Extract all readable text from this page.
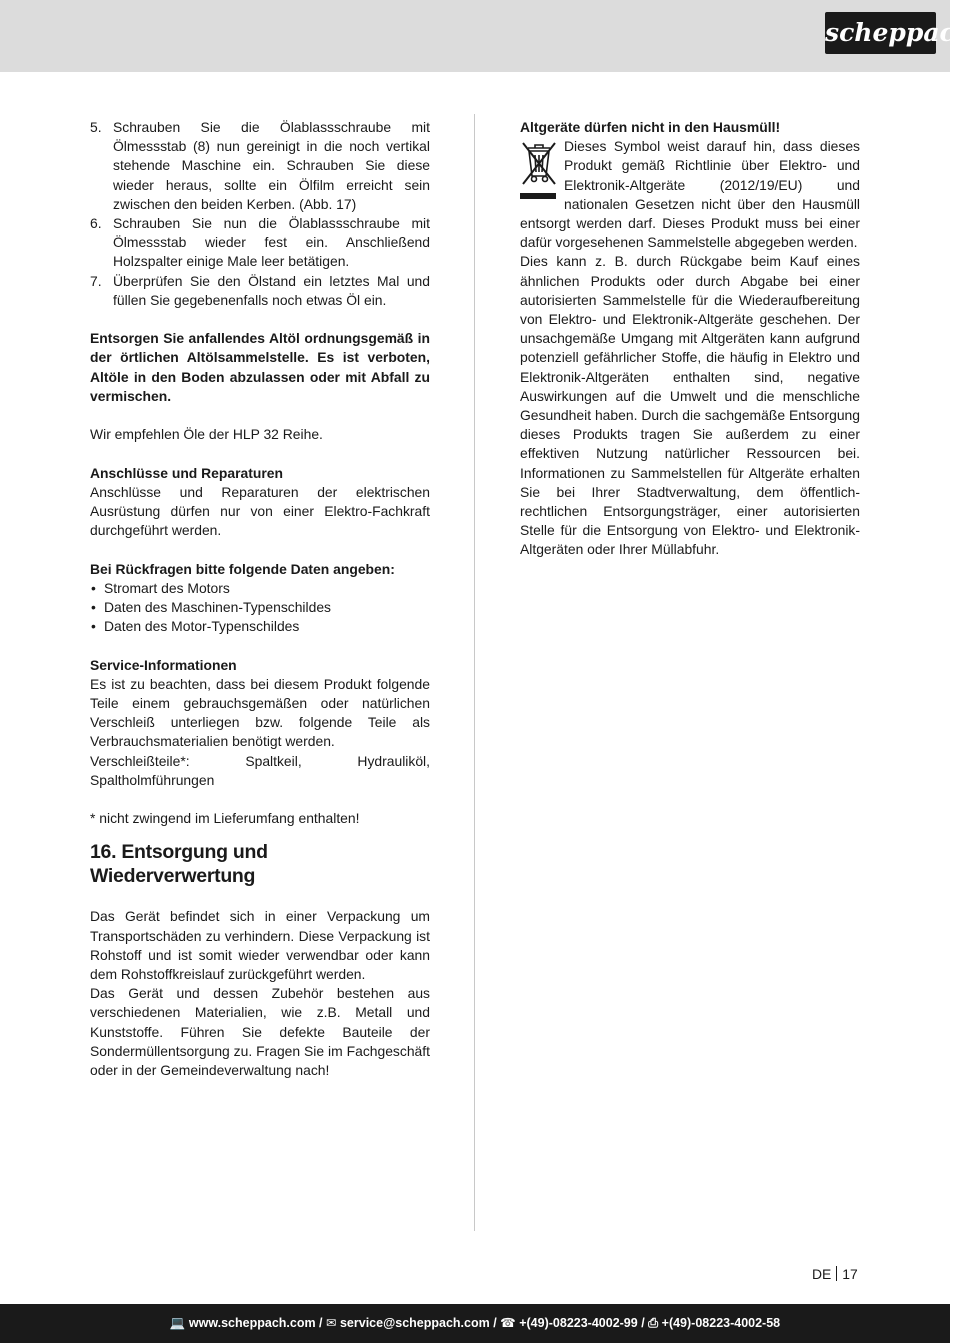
scheppach
5. Schrauben Sie die Ölablassschraube mit Ölmessstab (8) nun gereinigt in die noch vertikal stehende Maschine ein. Schrauben Sie diese wieder heraus, sollte ein Ölfilm erreicht sein zwischen den beiden Kerben. (Abb. 17)
6. Schrauben Sie nun die Ölablassschraube mit Ölmessstab wieder fest ein. Anschließend Holzspalter einige Male leer betätigen.
7. Überprüfen Sie den Ölstand ein letztes Mal und füllen Sie gegebenenfalls noch etwas Öl ein.

Entsorgen Sie anfallendes Altöl ordnungsgemäß in der örtlichen Altölsammelstelle. Es ist verboten, Altöle in den Boden abzulassen oder mit Abfall zu vermischen.

Wir empfehlen Öle der HLP 32 Reihe.

Anschlüsse und Reparaturen

Anschlüsse und Reparaturen der elektrischen Ausrüstung dürfen nur von einer Elektro-Fachkraft durchgeführt werden.

Bei Rückfragen bitte folgende Daten angeben:

• Stromart des Motors
• Daten des Maschinen-Typenschildes
• Daten des Motor-Typenschildes

Service-Informationen

Es ist zu beachten, dass bei diesem Produkt folgende Teile einem gebrauchsgemäßen oder natürlichen Verschleiß unterliegen bzw. folgende Teile als Verbrauchsmaterialien benötigt werden.

Verschleißteile*: Spaltkeil, Hydrauliköl, Spaltholmführungen

* nicht zwingend im Lieferumfang enthalten!

16. Entsorgung und Wiederverwertung

Das Gerät befindet sich in einer Verpackung um Transportschäden zu verhindern. Diese Verpackung ist Rohstoff und ist somit wieder verwendbar oder kann dem Rohstoffkreislauf zurückgeführt werden.

Das Gerät und dessen Zubehör bestehen aus verschiedenen Materialien, wie z.B. Metall und Kunststoffe. Führen Sie defekte Bauteile der Sondermüllentsorgung zu. Fragen Sie im Fachgeschäft oder in der Gemeindeverwaltung nach!

Altgeräte dürfen nicht in den Hausmüll!

Dieses Symbol weist darauf hin, dass dieses Produkt gemäß Richtlinie über Elektro- und Elektronik-Altgeräte (2012/19/EU) und nationalen Gesetzen nicht über den Hausmüll entsorgt werden darf. Dieses Produkt muss bei einer dafür vorgesehenen Sammelstelle abgegeben werden.

Dies kann z. B. durch Rückgabe beim Kauf eines ähnlichen Produkts oder durch Abgabe bei einer autorisierten Sammelstelle für die Wiederaufbereitung von Elektro- und Elektronik-Altgeräte geschehen. Der unsachgemäße Umgang mit Altgeräten kann aufgrund potenziell gefährlicher Stoffe, die häufig in Elektro und Elektronik-Altgeräten enthalten sind, negative Auswirkungen auf die Umwelt und die menschliche Gesundheit haben. Durch die sachgemäße Entsorgung dieses Produkts tragen Sie außerdem zu einer effektiven Nutzung natürlicher Ressourcen bei. Informationen zu Sammelstellen für Altgeräte erhalten Sie bei Ihrer Stadtverwaltung, dem öffentlich-rechtlichen Entsorgungsträger, einer autorisierten Stelle für die Entsorgung von Elektro- und Elektronik-Altgeräten oder Ihrer Müllabfuhr.

DE 17
💻 www.scheppach.com / ✉ service@scheppach.com / ☎ +(49)-08223-4002-99 / ⎙ +(49)-08223-4002-58
